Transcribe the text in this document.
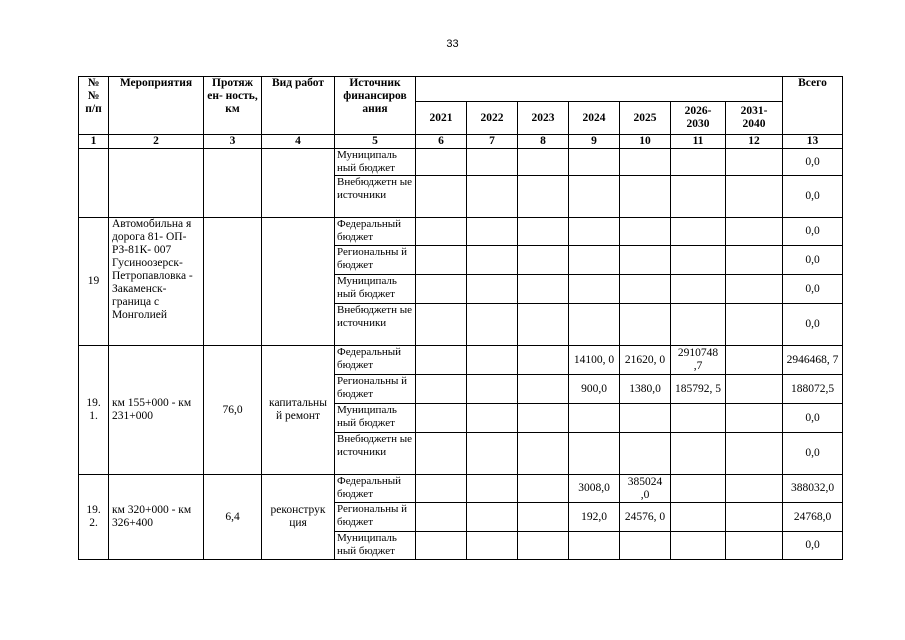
33
№ № п/п	Мероприятия	Протяж ен- ность, км	Вид работ	Источник финансиров ания								Всего
					2021	2022	2023	2024	2025	2026- 2030	2031- 2040	
1	2	3	4	5	6	7	8	9	10	11	12	13
				Муниципаль ный бюджет								0,0
				Внебюджетн ые источники								0,0
19	Автомобильна я дорога 81- ОП-РЗ-81К- 007 Гусиноозерск- Петропавловка - Закаменск- граница с Монголией			Федеральный бюджет								0,0
				Региональны й бюджет								0,0
				Муниципаль ный бюджет								0,0
				Внебюджетн ые источники								0,0
19. 1.	км 155+000 - км 231+000	76,0	капитальны й ремонт	Федеральный бюджет				14100, 0	21620, 0	2910748 ,7		2946468, 7
				Региональны й бюджет				900,0	1380,0	185792, 5		188072,5
				Муниципаль ный бюджет								0,0
				Внебюджетн ые источники								0,0
19. 2.	км 320+000 - км 326+400	6,4	реконструк ция	Федеральный бюджет				3008,0	385024 ,0			388032,0
				Региональны й бюджет				192,0	24576, 0			24768,0
				Муниципаль ный бюджет								0,0
